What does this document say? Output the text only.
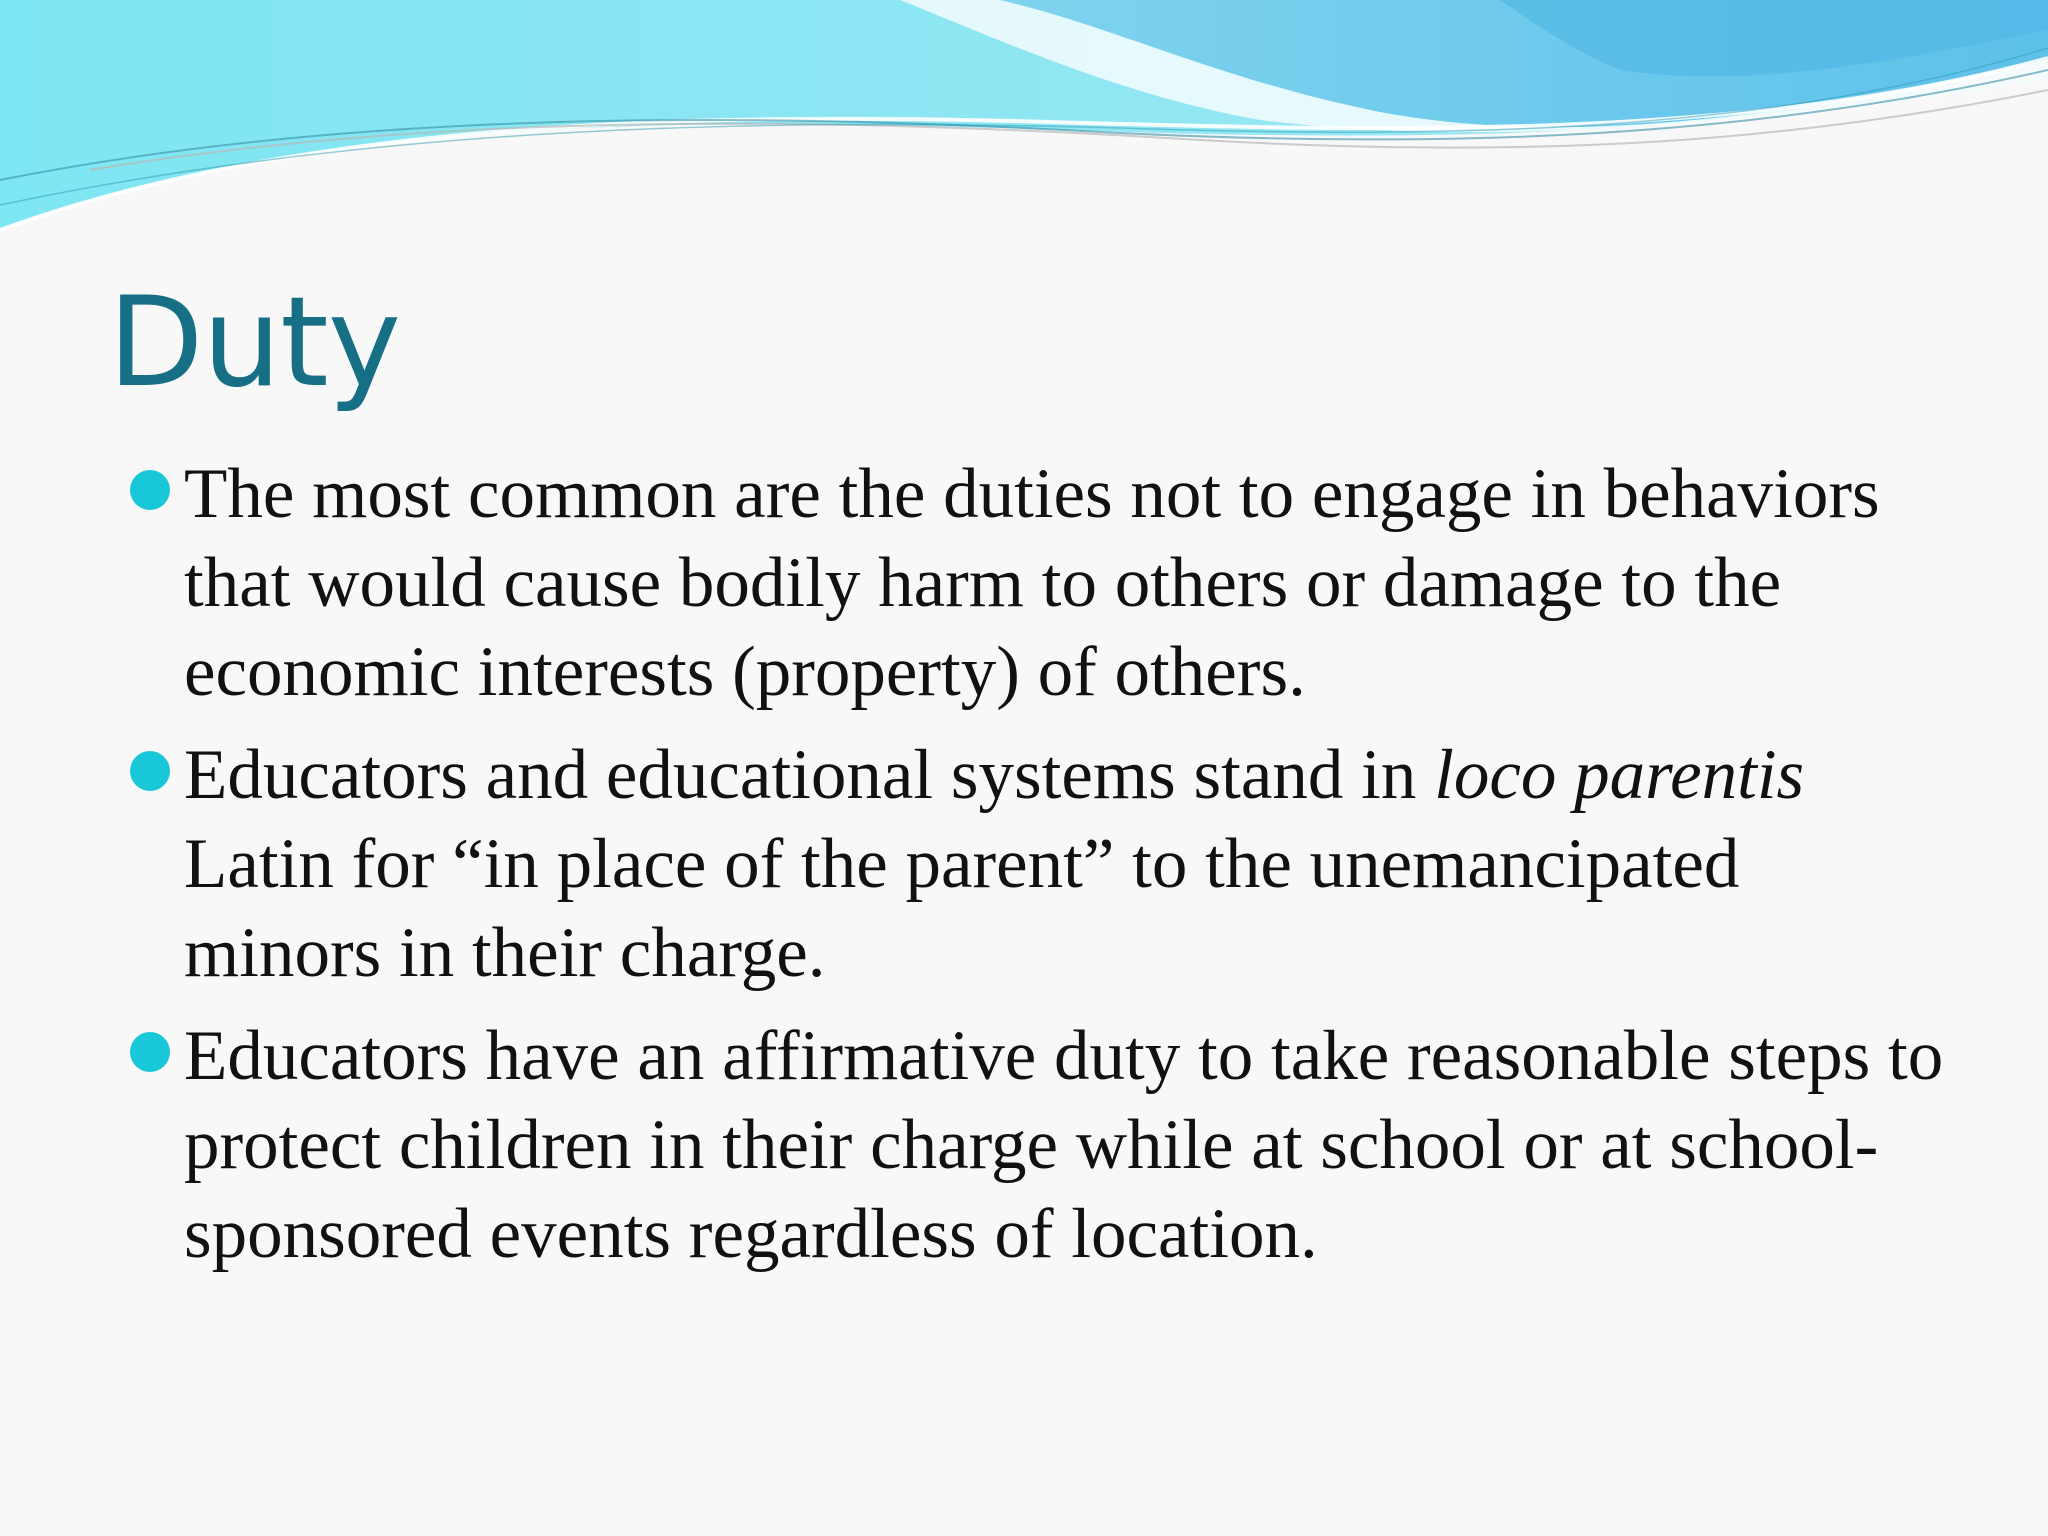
Duty
The most common are the duties not to engage in behaviors that would cause bodily harm to others or damage to the economic interests (property) of others.
Educators and educational systems stand in loco parentis Latin for “in place of the parent” to the unemancipated minors in their charge.
Educators have an affirmative duty to take reasonable steps to protect children in their charge while at school or at school-sponsored events regardless of location.
